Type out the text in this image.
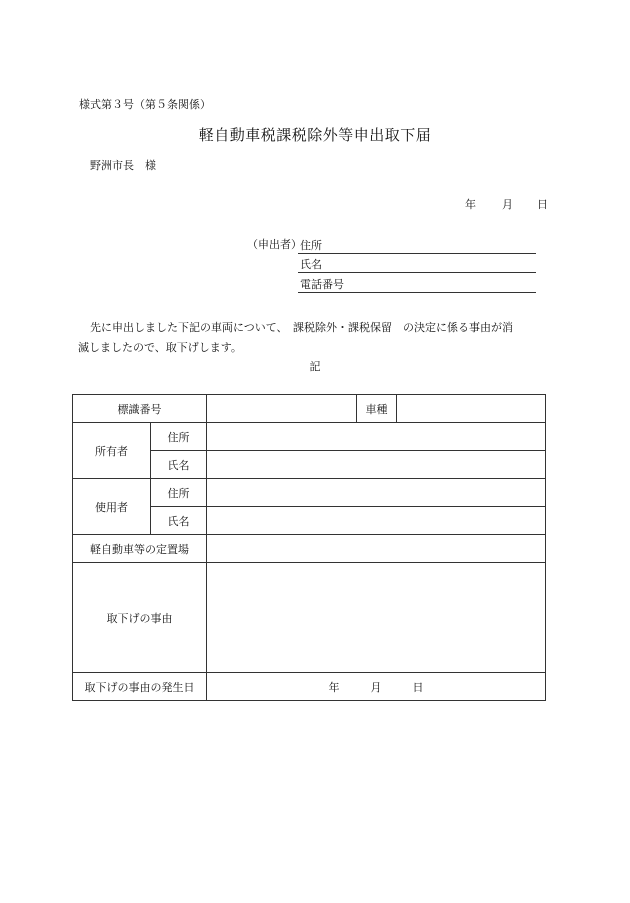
様式第３号（第５条関係）
軽自動車税課税除外等申出取下届
野洲市長　様
年 月 日
（申出者）
住所
氏名
電話番号
先に申出しました下記の車両について、　課税除外・課税保留　の決定に係る事由が消
滅しましたので、取下げします。
記
標識番号			車種	
所有者	住所			
	氏名			
使用者	住所			
	氏名			
軽自動車等の定置場				
取下げの事由				
取下げの事由の発生日		年 月 日		
